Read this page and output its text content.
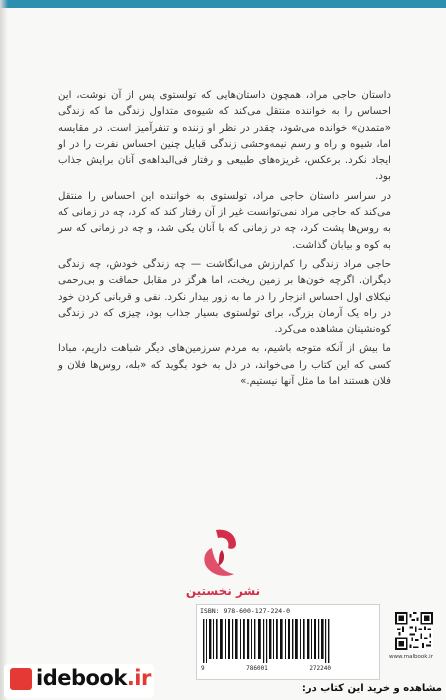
داستان حاجی مراد، همچون داستان‌هایی که تولستوی پس از آن نوشت، این احساس را به خواننده منتقل می‌کند که شیوه‌ی متداول زندگی ما که زندگی «متمدن» خوانده می‌شود، چقدر در نظر او زننده و تنفرآمیز است. در مقایسه اما، شیوه و راه و رسم نیمه‌وحشی زندگی قبایل چنین احساس نفرت را در او ایجاد نکرد. برعکس، غریزه‌های طبیعی و رفتار فی‌البداهه‌ی آنان برایش جذاب بود.

در سراسر داستان حاجی مراد، تولستوی به خواننده این احساس را منتقل می‌کند که حاجی مراد نمی‌توانست غیر از آن رفتار کند که کرد، چه در زمانی که به روس‌ها پشت کرد، چه در زمانی که با آنان یکی شد، و چه در زمانی که سر به کوه و بیابان گذاشت.

حاجی مراد زندگی را کم‌ارزش می‌انگاشت — چه زندگی خودش، چه زندگی دیگران. اگرچه خون‌ها بر زمین ریخت، اما هرگز در مقابل حماقت و بی‌رحمی نیکلای اول احساس انزجار را در ما به زور بیدار نکرد. نفی و قربانی کردن خود در راه یک آرمان بزرگ، برای تولستوی بسیار جذاب بود، چیزی که در زندگی کوه‌نشینان مشاهده می‌کرد.

ما بیش از آنکه متوجه باشیم، به مردم سرزمین‌های دیگر شباهت داریم، مبادا کسی که این کتاب را می‌خواند، در دل به خود بگوید که «بله، روس‌ها فلان و فلان هستند اما ما مثل آنها نیستیم.»

نشر نخستین
ISBN: 978-600-127-224-0
9	786001	272240
www.malbook.ir
idebook.ir	مشاهده و خرید این کتاب در:
